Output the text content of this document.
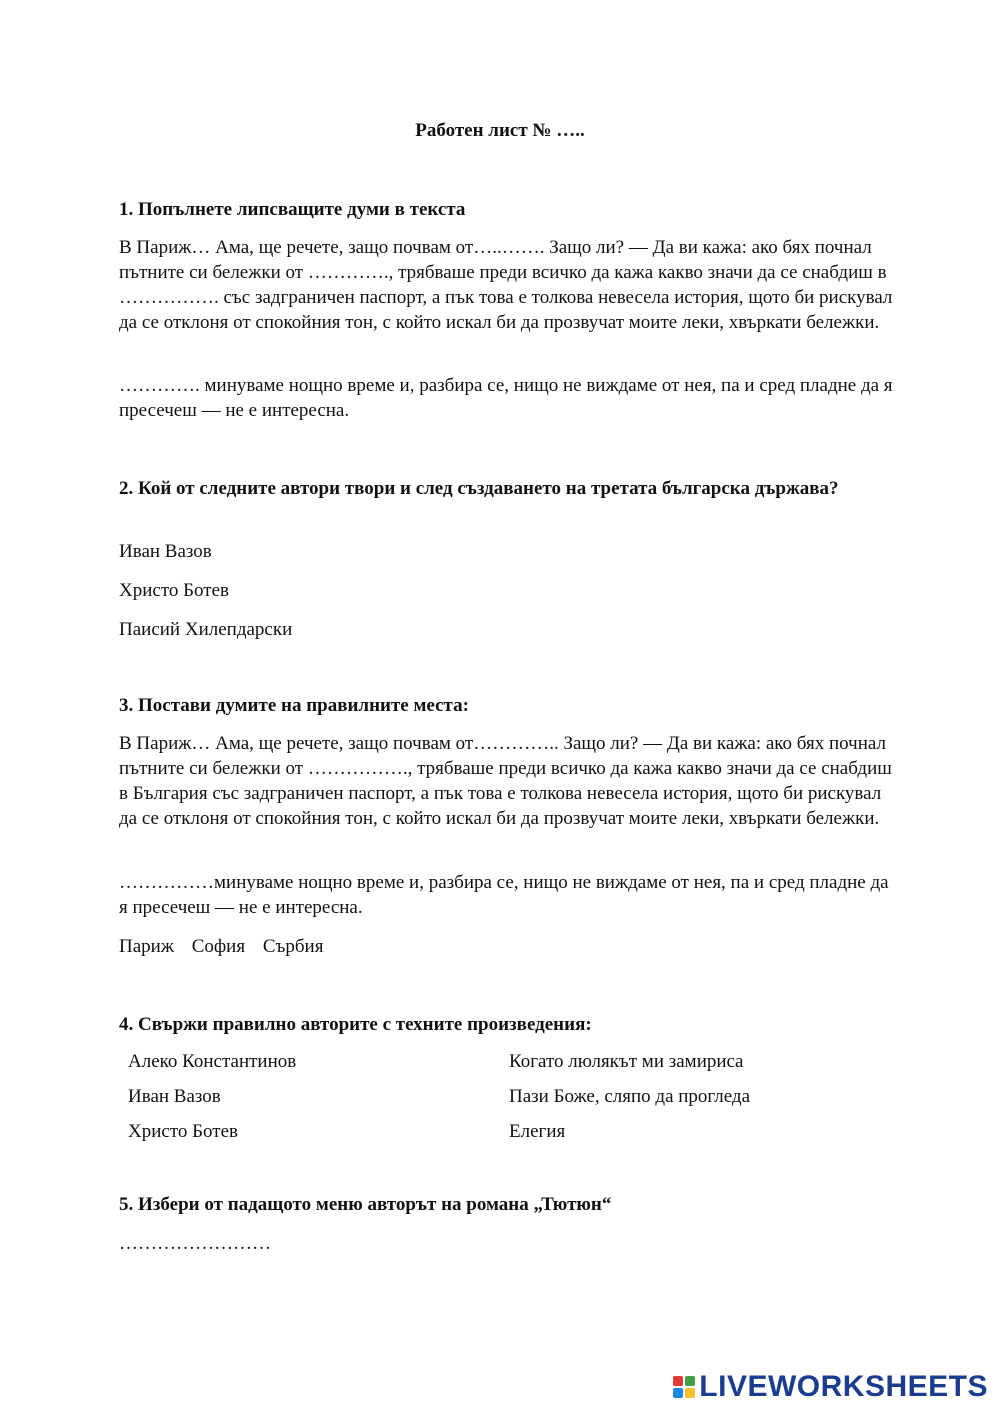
Работен лист № …..
1. Попълнете липсващите думи в текста
В Париж… Ама, ще речете, защо почвам от…..……. Защо ли? — Да ви кажа: ако бях почнал пътните си бележки от …………., трябваше преди всичко да кажа какво значи да се снабдиш в ……………. със задграничен паспорт, а пък това е толкова невесела история, щото би рискувал да се отклоня от спокойния тон, с който искал би да прозвучат моите леки, хвъркати бележки.
…………. минуваме нощно време и, разбира се, нищо не виждаме от нея, па и сред пладне да я пресечеш — не е интересна.
2. Кой от следните автори твори и след създаването на третата българска държава?
Иван Вазов
Христо Ботев
Паисий Хилепдарски
3. Постави думите на правилните места:
В Париж… Ама, ще речете, защо почвам от………….. Защо ли? — Да ви кажа: ако бях почнал пътните си бележки от ……………., трябваше преди всичко да кажа какво значи да се снабдиш в България със задграничен паспорт, а пък това е толкова невесела история, щото би рискувал да се отклоня от спокойния тон, с който искал би да прозвучат моите леки, хвъркати бележки.
……………минуваме нощно време и, разбира се, нищо не виждаме от нея, па и сред пладне да я пресечеш — не е интересна.
Париж София Сърбия
4. Свържи правилно авторите с техните произведения:
Алеко Константинов
Иван Вазов
Христо Ботев
Когато люлякът ми замирисa
Пази Боже, сляпо да прогледа
Елегия
5. Избери от падащото меню авторът на романа „Тютюн“
……………………
LIVEWORKSHEETS
